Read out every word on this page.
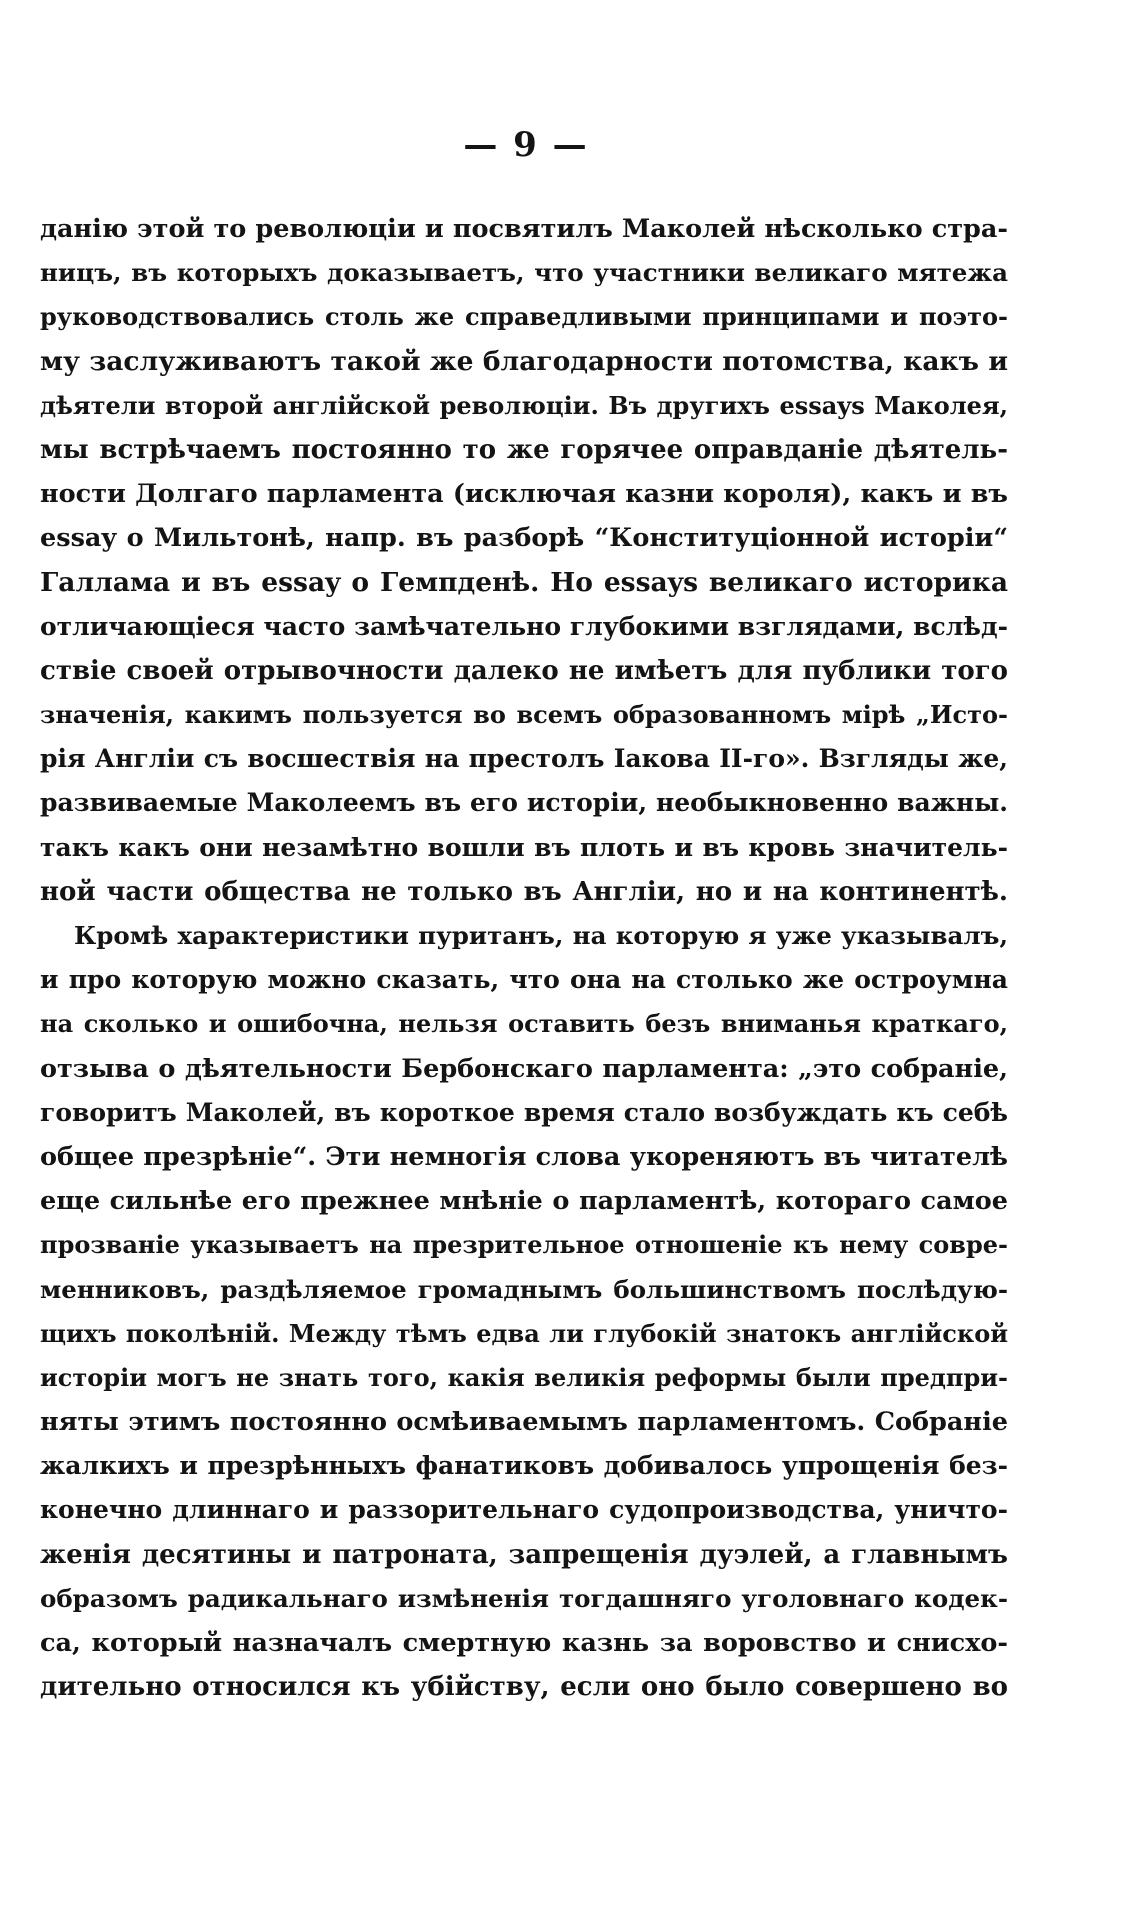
— 9 —
данію этой то революціи и посвятилъ Маколей нѣсколько стра-
ницъ, въ которыхъ доказываетъ, что участники великаго мятежа
руководствовались столь же справедливыми принципами и поэто-
му заслуживаютъ такой же благодарности потомства, какъ и
дѣятели второй англійской революціи. Въ другихъ essays Маколея,
мы встрѣчаемъ постоянно то же горячее оправданіе дѣятель-
ности Долгаго парламента (исключая казни короля), какъ и въ
essay о Мильтонѣ, напр. въ разборѣ “Конституціонной исторіи“
Галлама и въ essay о Гемпденѣ. Но essays великаго историка
отличающіеся часто замѣчательно глубокими взглядами, вслѣд-
ствіе своей отрывочности далеко не имѣетъ для публики того
значенія, какимъ пользуется во всемъ образованномъ мірѣ „Исто-
рія Англіи съ восшествія на престолъ Іакова II-го». Взгляды же,
развиваемые Маколеемъ въ его исторіи, необыкновенно важны.
такъ какъ они незамѣтно вошли въ плоть и въ кровь значитель-
ной части общества не только въ Англіи, но и на континентѣ.
Кромѣ характеристики пуританъ, на которую я уже указывалъ,
и про которую можно сказать, что она на столько же остроумна
на сколько и ошибочна, нельзя оставить безъ вниманья краткаго,
отзыва о дѣятельности Бербонскаго парламента: „это собраніе,
говоритъ Маколей, въ короткое время стало возбуждать къ себѣ
общее презрѣніе“. Эти немногія слова укореняютъ въ читателѣ
еще сильнѣе его прежнее мнѣніе о парламентѣ, котораго самое
прозваніе указываетъ на презрительное отношеніе къ нему совре-
менниковъ, раздѣляемое громаднымъ большинствомъ послѣдую-
щихъ поколѣній. Между тѣмъ едва ли глубокій знатокъ англійской
исторіи могъ не знать того, какія великія реформы были предпри-
няты этимъ постоянно осмѣиваемымъ парламентомъ. Собраніе
жалкихъ и презрѣнныхъ фанатиковъ добивалось упрощенія без-
конечно длиннаго и раззорительнаго судопроизводства, уничто-
женія десятины и патроната, запрещенія дуэлей, а главнымъ
образомъ радикальнаго измѣненія тогдашняго уголовнаго кодек-
са, который назначалъ смертную казнь за воровство и снисхо-
дительно относился къ убійству, если оно было совершено во
